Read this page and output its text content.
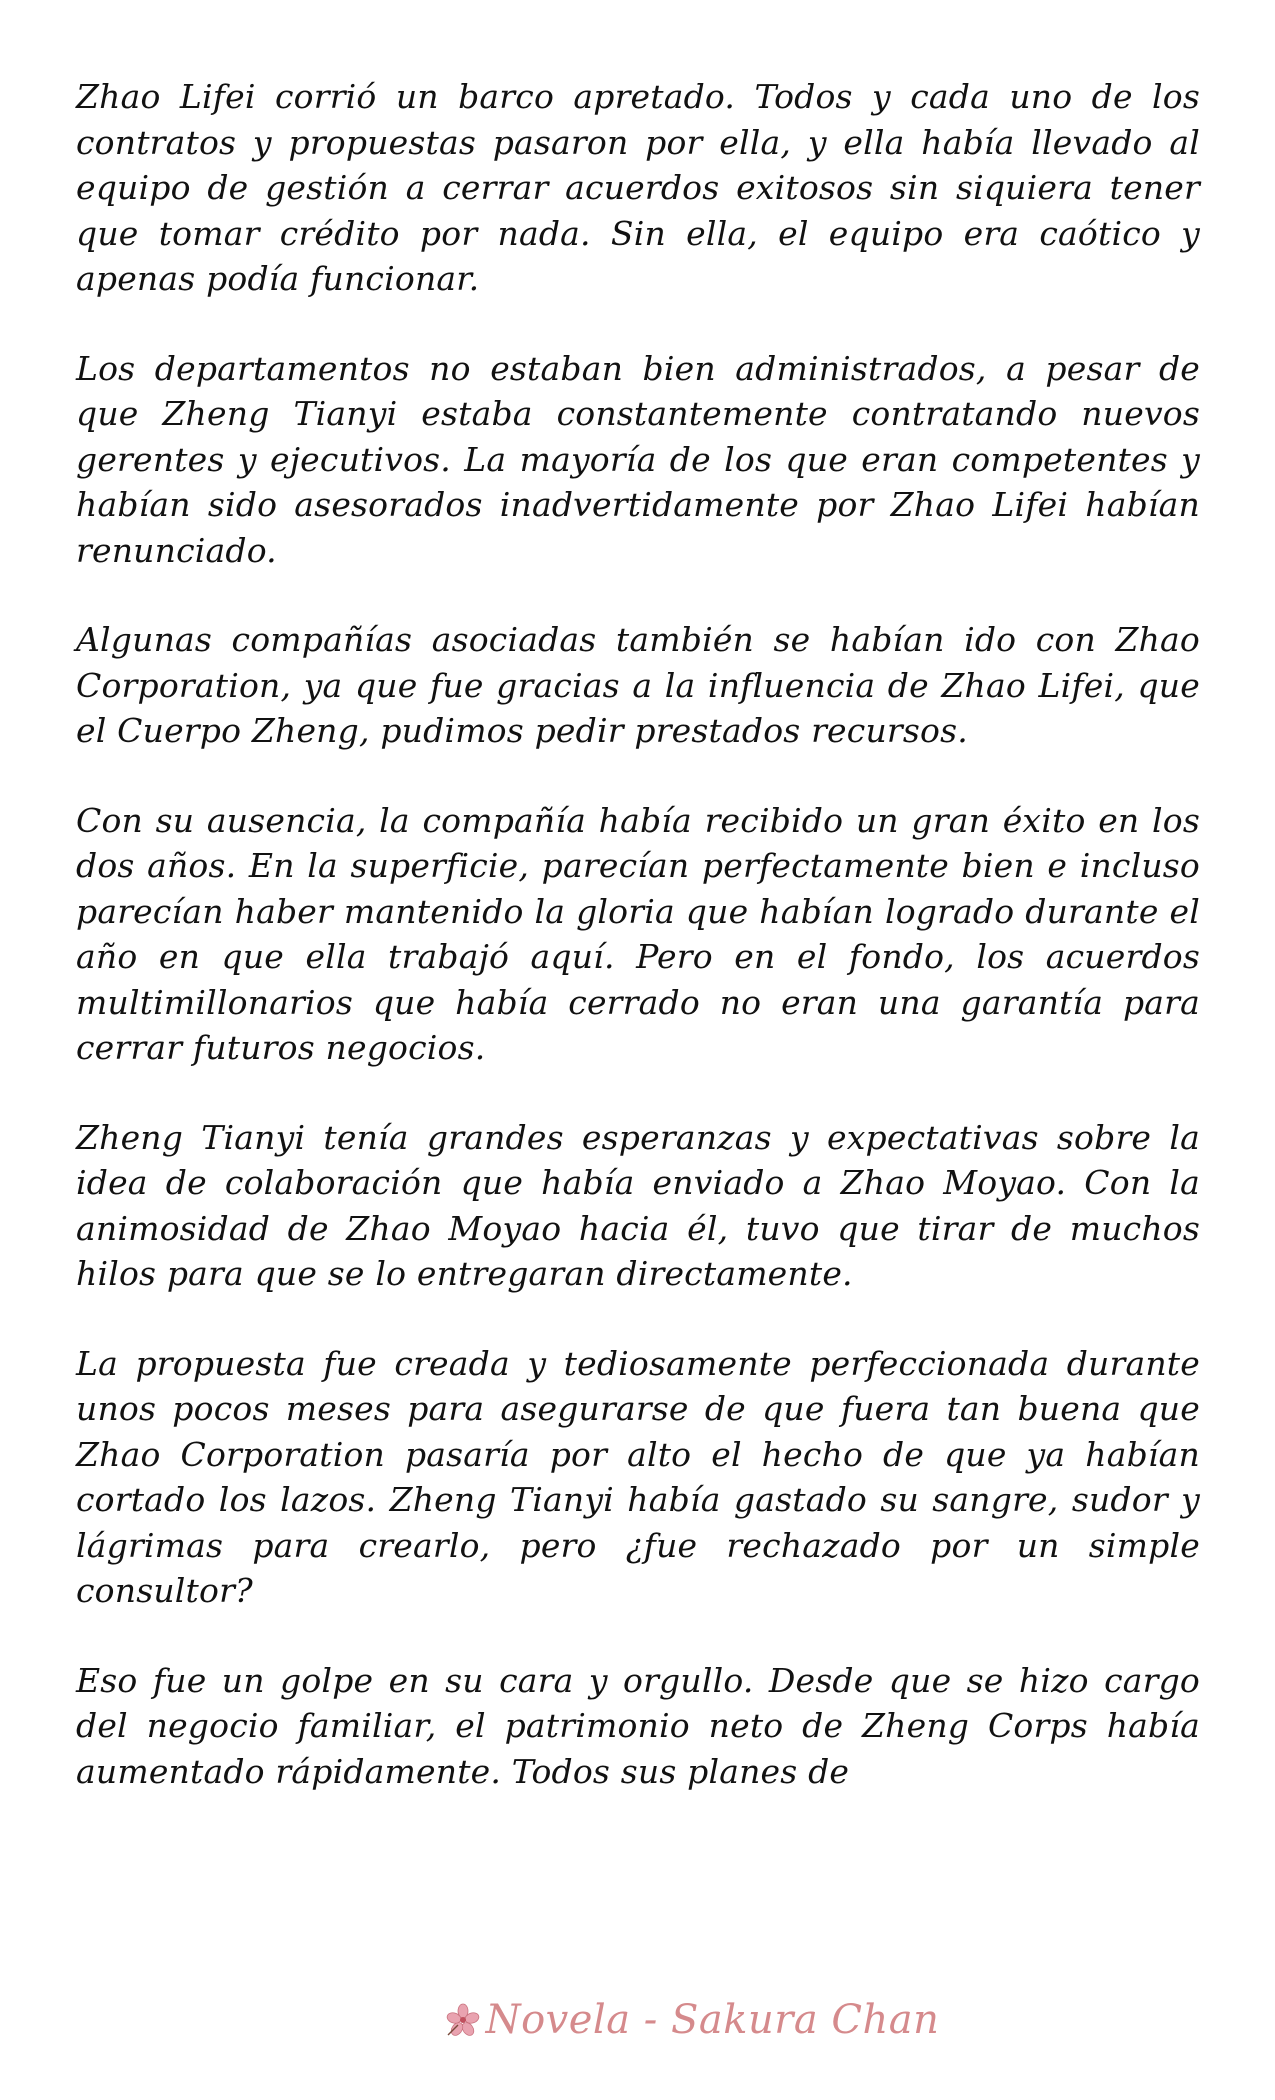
Zhao Lifei corrió un barco apretado. Todos y cada uno de los contratos y propuestas pasaron por ella, y ella había llevado al equipo de gestión a cerrar acuerdos exitosos sin siquiera tener que tomar crédito por nada. Sin ella, el equipo era caótico y apenas podía funcionar.

Los departamentos no estaban bien administrados, a pesar de que Zheng Tianyi estaba constantemente contratando nuevos gerentes y ejecutivos. La mayoría de los que eran competentes y habían sido asesorados inadvertidamente por Zhao Lifei habían renunciado.

Algunas compañías asociadas también se habían ido con Zhao Corporation, ya que fue gracias a la influencia de Zhao Lifei, que el Cuerpo Zheng, pudimos pedir prestados recursos.

Con su ausencia, la compañía había recibido un gran éxito en los dos años. En la superficie, parecían perfectamente bien e incluso parecían haber mantenido la gloria que habían logrado durante el año en que ella trabajó aquí. Pero en el fondo, los acuerdos multimillonarios que había cerrado no eran una garantía para cerrar futuros negocios.

Zheng Tianyi tenía grandes esperanzas y expectativas sobre la idea de colaboración que había enviado a Zhao Moyao. Con la animosidad de Zhao Moyao hacia él, tuvo que tirar de muchos hilos para que se lo entregaran directamente.

La propuesta fue creada y tediosamente perfeccionada durante unos pocos meses para asegurarse de que fuera tan buena que Zhao Corporation pasaría por alto el hecho de que ya habían cortado los lazos. Zheng Tianyi había gastado su sangre, sudor y lágrimas para crearlo, pero ¿fue rechazado por un simple consultor?

Eso fue un golpe en su cara y orgullo. Desde que se hizo cargo del negocio familiar, el patrimonio neto de Zheng Corps había aumentado rápidamente. Todos sus planes de

Novela - Sakura Chan
